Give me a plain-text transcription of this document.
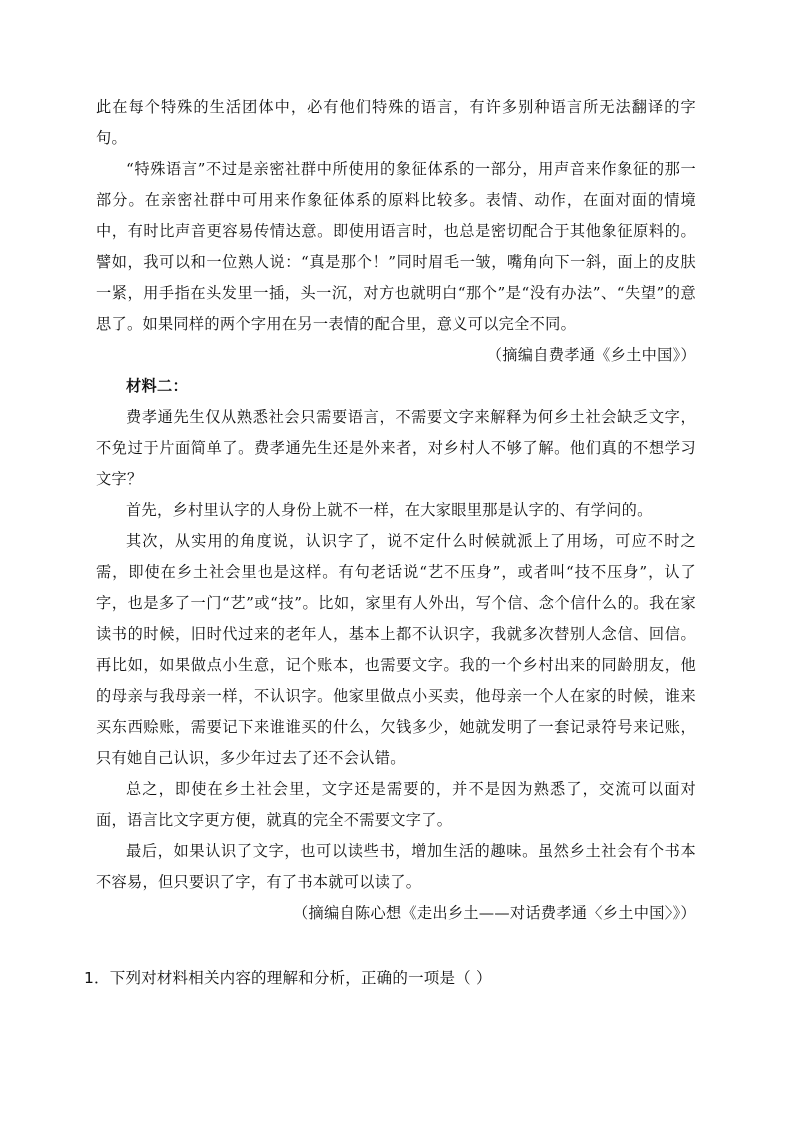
此在每个特殊的生活团体中，必有他们特殊的语言，有许多别种语言所无法翻译的字句。

“特殊语言”不过是亲密社群中所使用的象征体系的一部分，用声音来作象征的那一部分。在亲密社群中可用来作象征体系的原料比较多。表情、动作，在面对面的情境中，有时比声音更容易传情达意。即使用语言时，也总是密切配合于其他象征原料的。譬如，我可以和一位熟人说：“真是那个！”同时眉毛一皱，嘴角向下一斜，面上的皮肤一紧，用手指在头发里一插，头一沉，对方也就明白“那个”是“没有办法”、“失望”的意思了。如果同样的两个字用在另一表情的配合里，意义可以完全不同。

（摘编自费孝通《乡土中国》）

材料二：

费孝通先生仅从熟悉社会只需要语言，不需要文字来解释为何乡土社会缺乏文字，不免过于片面简单了。费孝通先生还是外来者，对乡村人不够了解。他们真的不想学习文字？

首先，乡村里认字的人身份上就不一样，在大家眼里那是认字的、有学问的。

其次，从实用的角度说，认识字了，说不定什么时候就派上了用场，可应不时之需，即使在乡土社会里也是这样。有句老话说“艺不压身”，或者叫“技不压身”，认了字，也是多了一门“艺”或“技”。比如，家里有人外出，写个信、念个信什么的。我在家读书的时候，旧时代过来的老年人，基本上都不认识字，我就多次替别人念信、回信。再比如，如果做点小生意，记个账本，也需要文字。我的一个乡村出来的同龄朋友，他的母亲与我母亲一样，不认识字。他家里做点小买卖，他母亲一个人在家的时候，谁来买东西赊账，需要记下来谁谁买的什么，欠钱多少，她就发明了一套记录符号来记账，只有她自己认识，多少年过去了还不会认错。

总之，即使在乡土社会里，文字还是需要的，并不是因为熟悉了，交流可以面对面，语言比文字更方便，就真的完全不需要文字了。

最后，如果认识了文字，也可以读些书，增加生活的趣味。虽然乡土社会有个书本不容易，但只要识了字，有了书本就可以读了。

（摘编自陈心想《走出乡土——对话费孝通〈乡土中国〉》）

1．下列对材料相关内容的理解和分析，正确的一项是（ ）
